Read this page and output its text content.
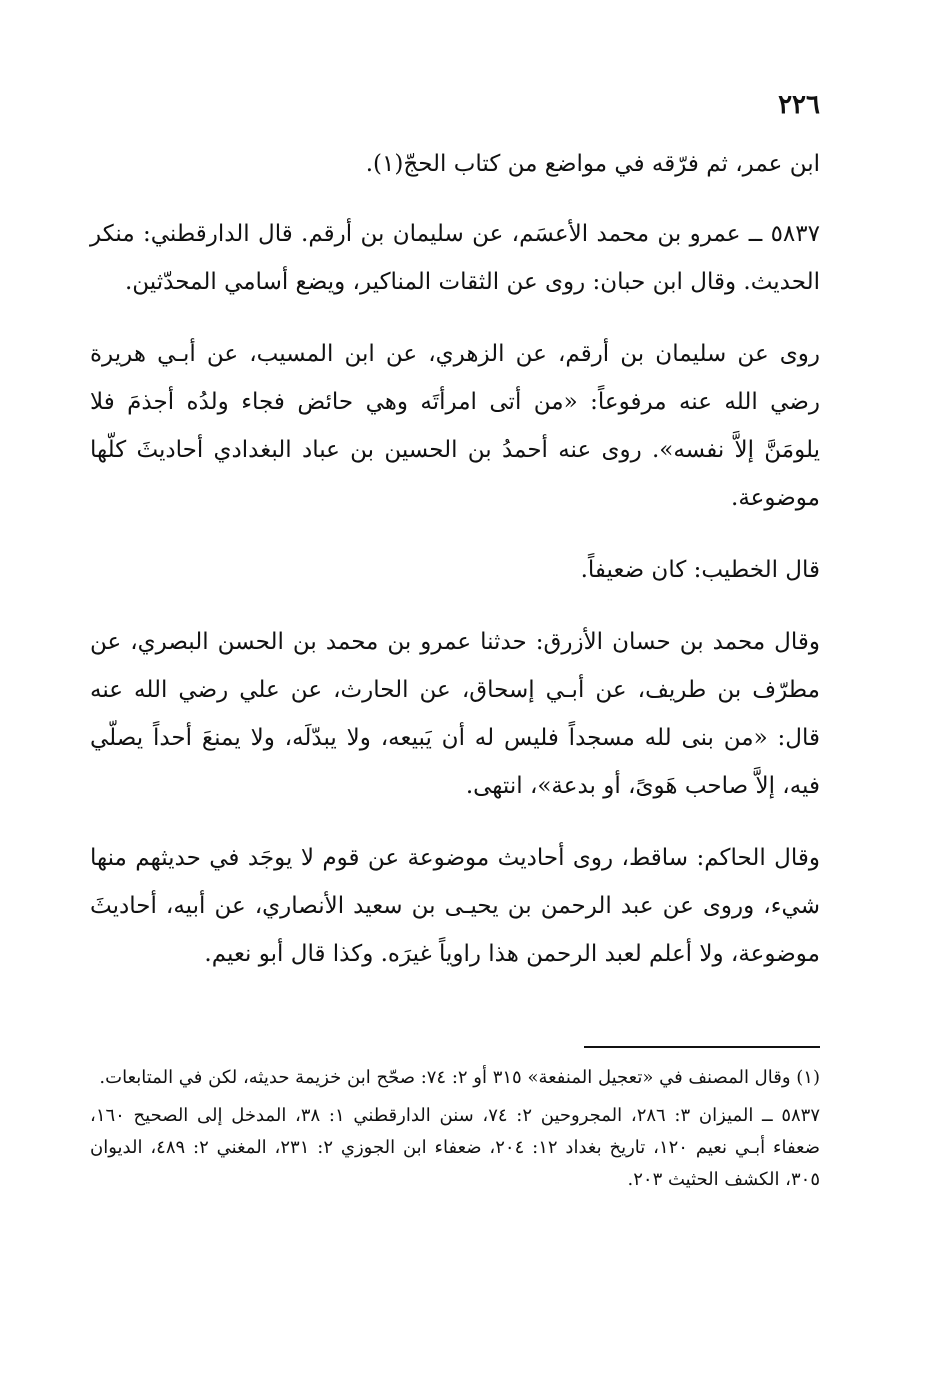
٢٢٦

ابن عمر، ثم فرّقه في مواضع من كتاب الحجّ(١).

٥٨٣٧ ــ عمرو بن محمد الأعسَم، عن سليمان بن أرقم. قال الدارقطني: منكر الحديث. وقال ابن حبان: روى عن الثقات المناكير، ويضع أسامي المحدّثين.

روى عن سليمان بن أرقم، عن الزهري، عن ابن المسيب، عن أبـي هريرة رضي الله عنه مرفوعاً: «من أتى امرأتَه وهي حائض فجاء ولدُه أجذمَ فلا يلومَنَّ إلاَّ نفسه». روى عنه أحمدُ بن الحسين بن عباد البغدادي أحاديثَ كلّها موضوعة.

قال الخطيب: كان ضعيفاً.

وقال محمد بن حسان الأزرق: حدثنا عمرو بن محمد بن الحسن البصري، عن مطرّف بن طريف، عن أبـي إسحاق، عن الحارث، عن علي رضي الله عنه قال: «من بنى لله مسجداً فليس له أن يَبيعه، ولا يبدّلَه، ولا يمنعَ أحداً يصلّي فيه، إلاَّ صاحب هَوىً، أو بدعة»، انتهى.

وقال الحاكم: ساقط، روى أحاديث موضوعة عن قوم لا يوجَد في حديثهم منها شيء، وروى عن عبد الرحمن بن يحيـى بن سعيد الأنصاري، عن أبيه، أحاديثَ موضوعة، ولا أعلم لعبد الرحمن هذا راوياً غيرَه. وكذا قال أبو نعيم.

(١) وقال المصنف في «تعجيل المنفعة» ٣١٥ أو ٢: ٧٤: صحّح ابن خزيمة حديثه، لكن في المتابعات.

٥٨٣٧ ــ الميزان ٣: ٢٨٦، المجروحين ٢: ٧٤، سنن الدارقطني ١: ٣٨، المدخل إلى الصحيح ١٦٠، ضعفاء أبـي نعيم ١٢٠، تاريخ بغداد ١٢: ٢٠٤، ضعفاء ابن الجوزي ٢: ٢٣١، المغني ٢: ٤٨٩، الديوان ٣٠٥، الكشف الحثيث ٢٠٣.
